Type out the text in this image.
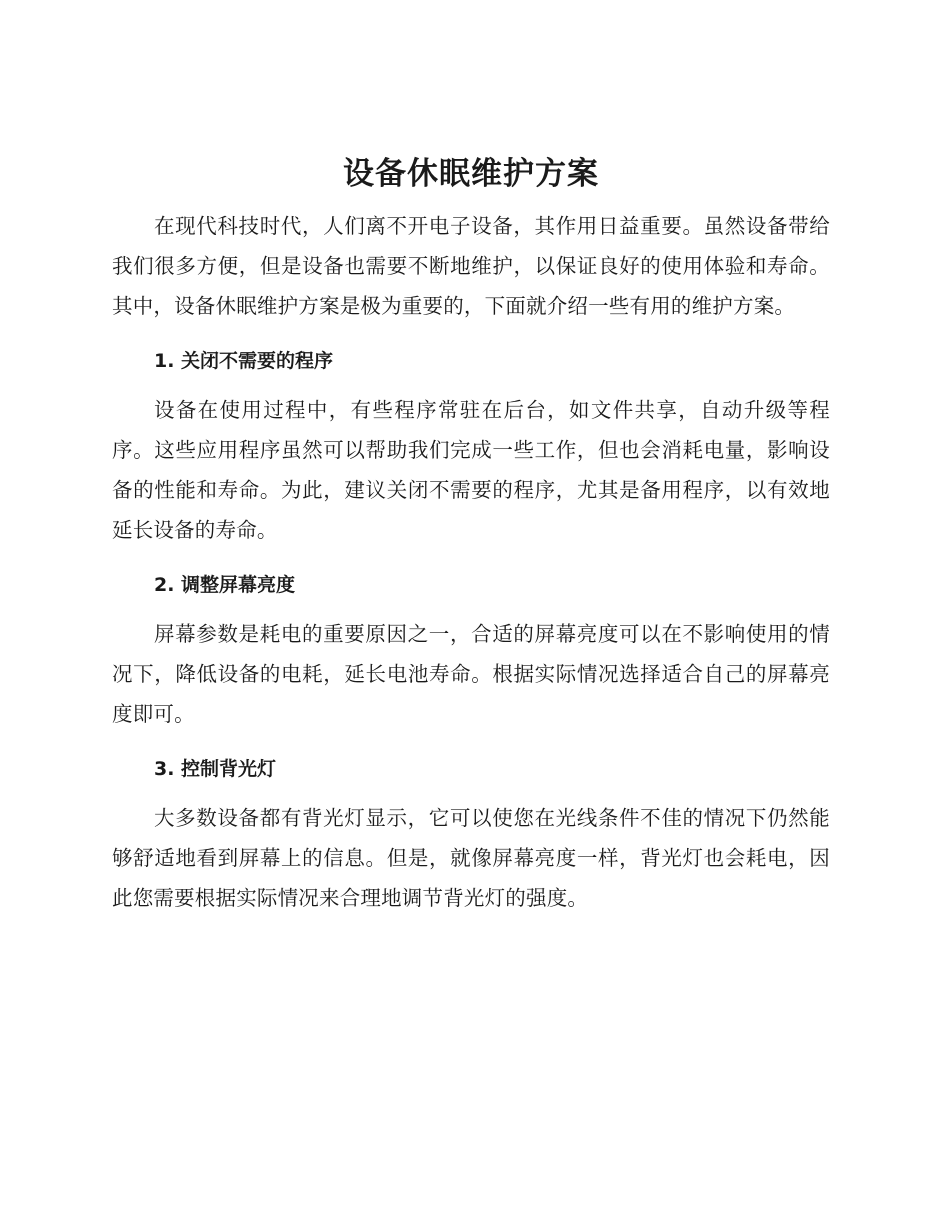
设备休眠维护方案

在现代科技时代，人们离不开电子设备，其作用日益重要。虽然设备带给我们很多方便，但是设备也需要不断地维护，以保证良好的使用体验和寿命。其中，设备休眠维护方案是极为重要的，下面就介绍一些有用的维护方案。

1. 关闭不需要的程序

设备在使用过程中，有些程序常驻在后台，如文件共享，自动升级等程序。这些应用程序虽然可以帮助我们完成一些工作，但也会消耗电量，影响设备的性能和寿命。为此，建议关闭不需要的程序，尤其是备用程序，以有效地延长设备的寿命。

2. 调整屏幕亮度

屏幕参数是耗电的重要原因之一，合适的屏幕亮度可以在不影响使用的情况下，降低设备的电耗，延长电池寿命。根据实际情况选择适合自己的屏幕亮度即可。

3. 控制背光灯

大多数设备都有背光灯显示，它可以使您在光线条件不佳的情况下仍然能够舒适地看到屏幕上的信息。但是，就像屏幕亮度一样，背光灯也会耗电，因此您需要根据实际情况来合理地调节背光灯的强度。
